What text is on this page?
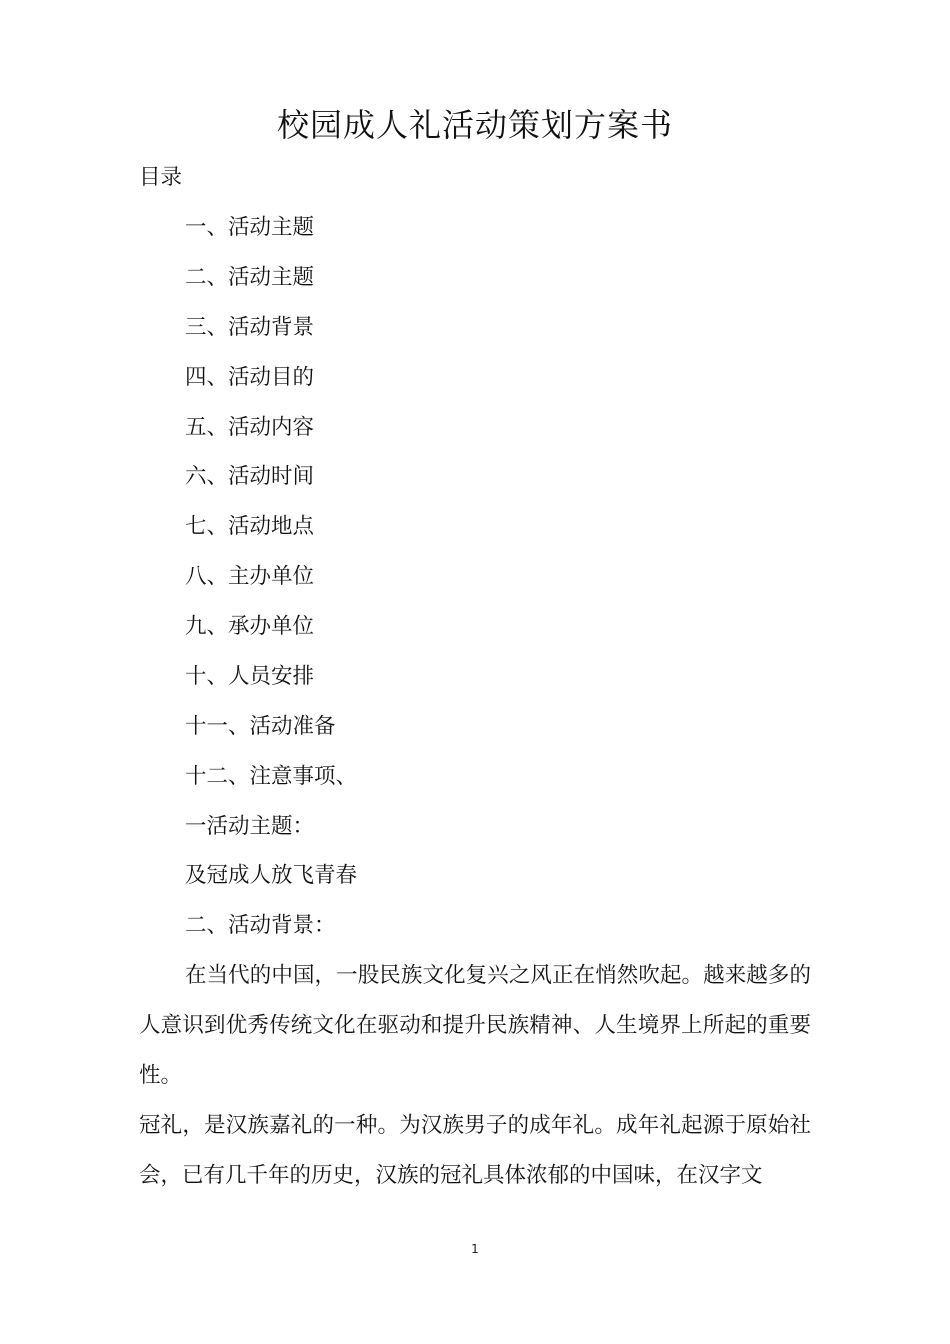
校园成人礼活动策划方案书
目录
一、活动主题
二、活动主题
三、活动背景
四、活动目的
五、活动内容
六、活动时间
七、活动地点
八、主办单位
九、承办单位
十、人员安排
十一、活动准备
十二、注意事项、
一活动主题：
及冠成人放飞青春
二、活动背景：
在当代的中国，一股民族文化复兴之风正在悄然吹起。越来越多的人意识到优秀传统文化在驱动和提升民族精神、人生境界上所起的重要性。
冠礼，是汉族嘉礼的一种。为汉族男子的成年礼。成年礼起源于原始社会，已有几千年的历史，汉族的冠礼具体浓郁的中国味，在汉字文
1
